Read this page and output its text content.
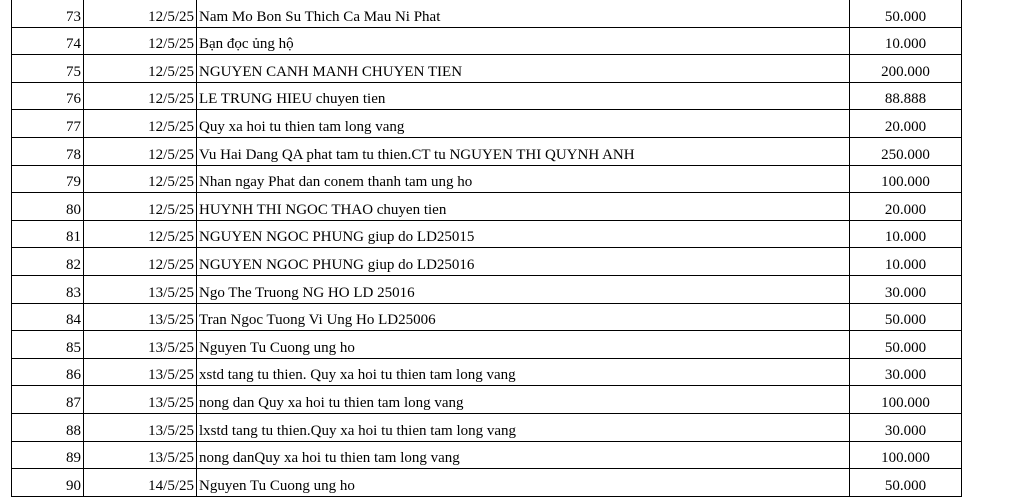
73	12/5/25	Nam Mo Bon Su Thich Ca Mau Ni Phat	50.000
74	12/5/25	Bạn đọc ủng hộ	10.000
75	12/5/25	NGUYEN CANH MANH CHUYEN TIEN	200.000
76	12/5/25	LE TRUNG HIEU chuyen tien	88.888
77	12/5/25	Quy xa hoi tu thien tam long vang	20.000
78	12/5/25	Vu Hai Dang QA phat tam tu thien.CT tu NGUYEN THI QUYNH ANH	250.000
79	12/5/25	Nhan ngay Phat dan conem thanh tam ung ho	100.000
80	12/5/25	HUYNH THI NGOC THAO chuyen tien	20.000
81	12/5/25	NGUYEN NGOC PHUNG giup do LD25015	10.000
82	12/5/25	NGUYEN NGOC PHUNG giup do LD25016	10.000
83	13/5/25	Ngo The Truong NG HO LD 25016	30.000
84	13/5/25	Tran Ngoc Tuong Vi Ung Ho LD25006	50.000
85	13/5/25	Nguyen Tu Cuong ung ho	50.000
86	13/5/25	xstd tang tu thien. Quy xa hoi tu thien tam long vang	30.000
87	13/5/25	nong dan Quy xa hoi tu thien tam long vang	100.000
88	13/5/25	lxstd tang tu thien.Quy xa hoi tu thien tam long vang	30.000
89	13/5/25	nong danQuy xa hoi tu thien tam long vang	100.000
90	14/5/25	Nguyen Tu Cuong ung ho	50.000
